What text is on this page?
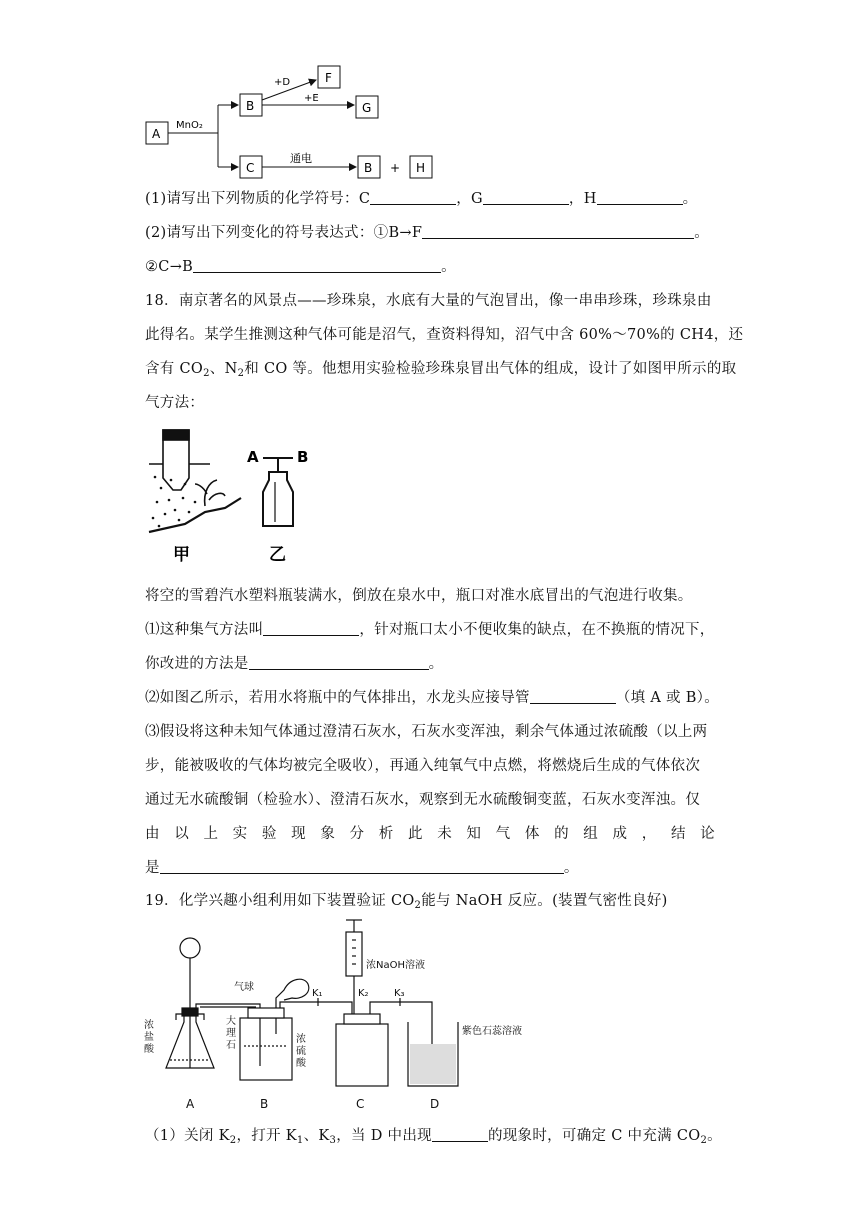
A
B
F
G
C	B	H
MnO₂
+D
+E
通电
+
(1)请写出下列物质的化学符号：C	，G	，H	。
(2)请写出下列变化的符号表达式：①B→F	。
②C→B	。
18．南京著名的风景点——珍珠泉，水底有大量的气泡冒出，像一串串珍珠，珍珠泉由
此得名。某学生推测这种气体可能是沼气，查资料得知，沼气中含 60%～70%的 CH4，还
含有 $CO_2$、$N_2$和 CO 等。他想用实验检验珍珠泉冒出气体的组成，设计了如图甲所示的取
气方法：
A	B
甲	乙
将空的雪碧汽水塑料瓶装满水，倒放在泉水中，瓶口对准水底冒出的气泡进行收集。
⑴这种集气方法叫	，针对瓶口太小不便收集的缺点，在不换瓶的情况下，
你改进的方法是	。
⑵如图乙所示，若用水将瓶中的气体排出，水龙头应接导管	（填 A 或 B）。
⑶假设将这种未知气体通过澄清石灰水，石灰水变浑浊，剩余气体通过浓硫酸（以上两
步，能被吸收的气体均被完全吸收），再通入纯氧气中点燃，将燃烧后生成的气体依次
通过无水硫酸铜（检验水）、澄清石灰水，观察到无水硫酸铜变蓝，石灰水变浑浊。仅
由 以 上 实 验 现 象 分 析 此 未 知 气 体 的 组 成 ， 结 论
是	。
19．化学兴趣小组利用如下装置验证 $CO_2$能与 NaOH 反应。(装置气密性良好)
气球
K₁	K₂	K₃
浓NaOH溶液
紫色石蕊溶液
浓
盐
酸
大
理
石
浓
硫
酸
A	B	C	D
（1）关闭 $K_2$，打开 $K_1$、$K_3$，当 D 中出现	的现象时，可确定 C 中充满 $CO_2$。
